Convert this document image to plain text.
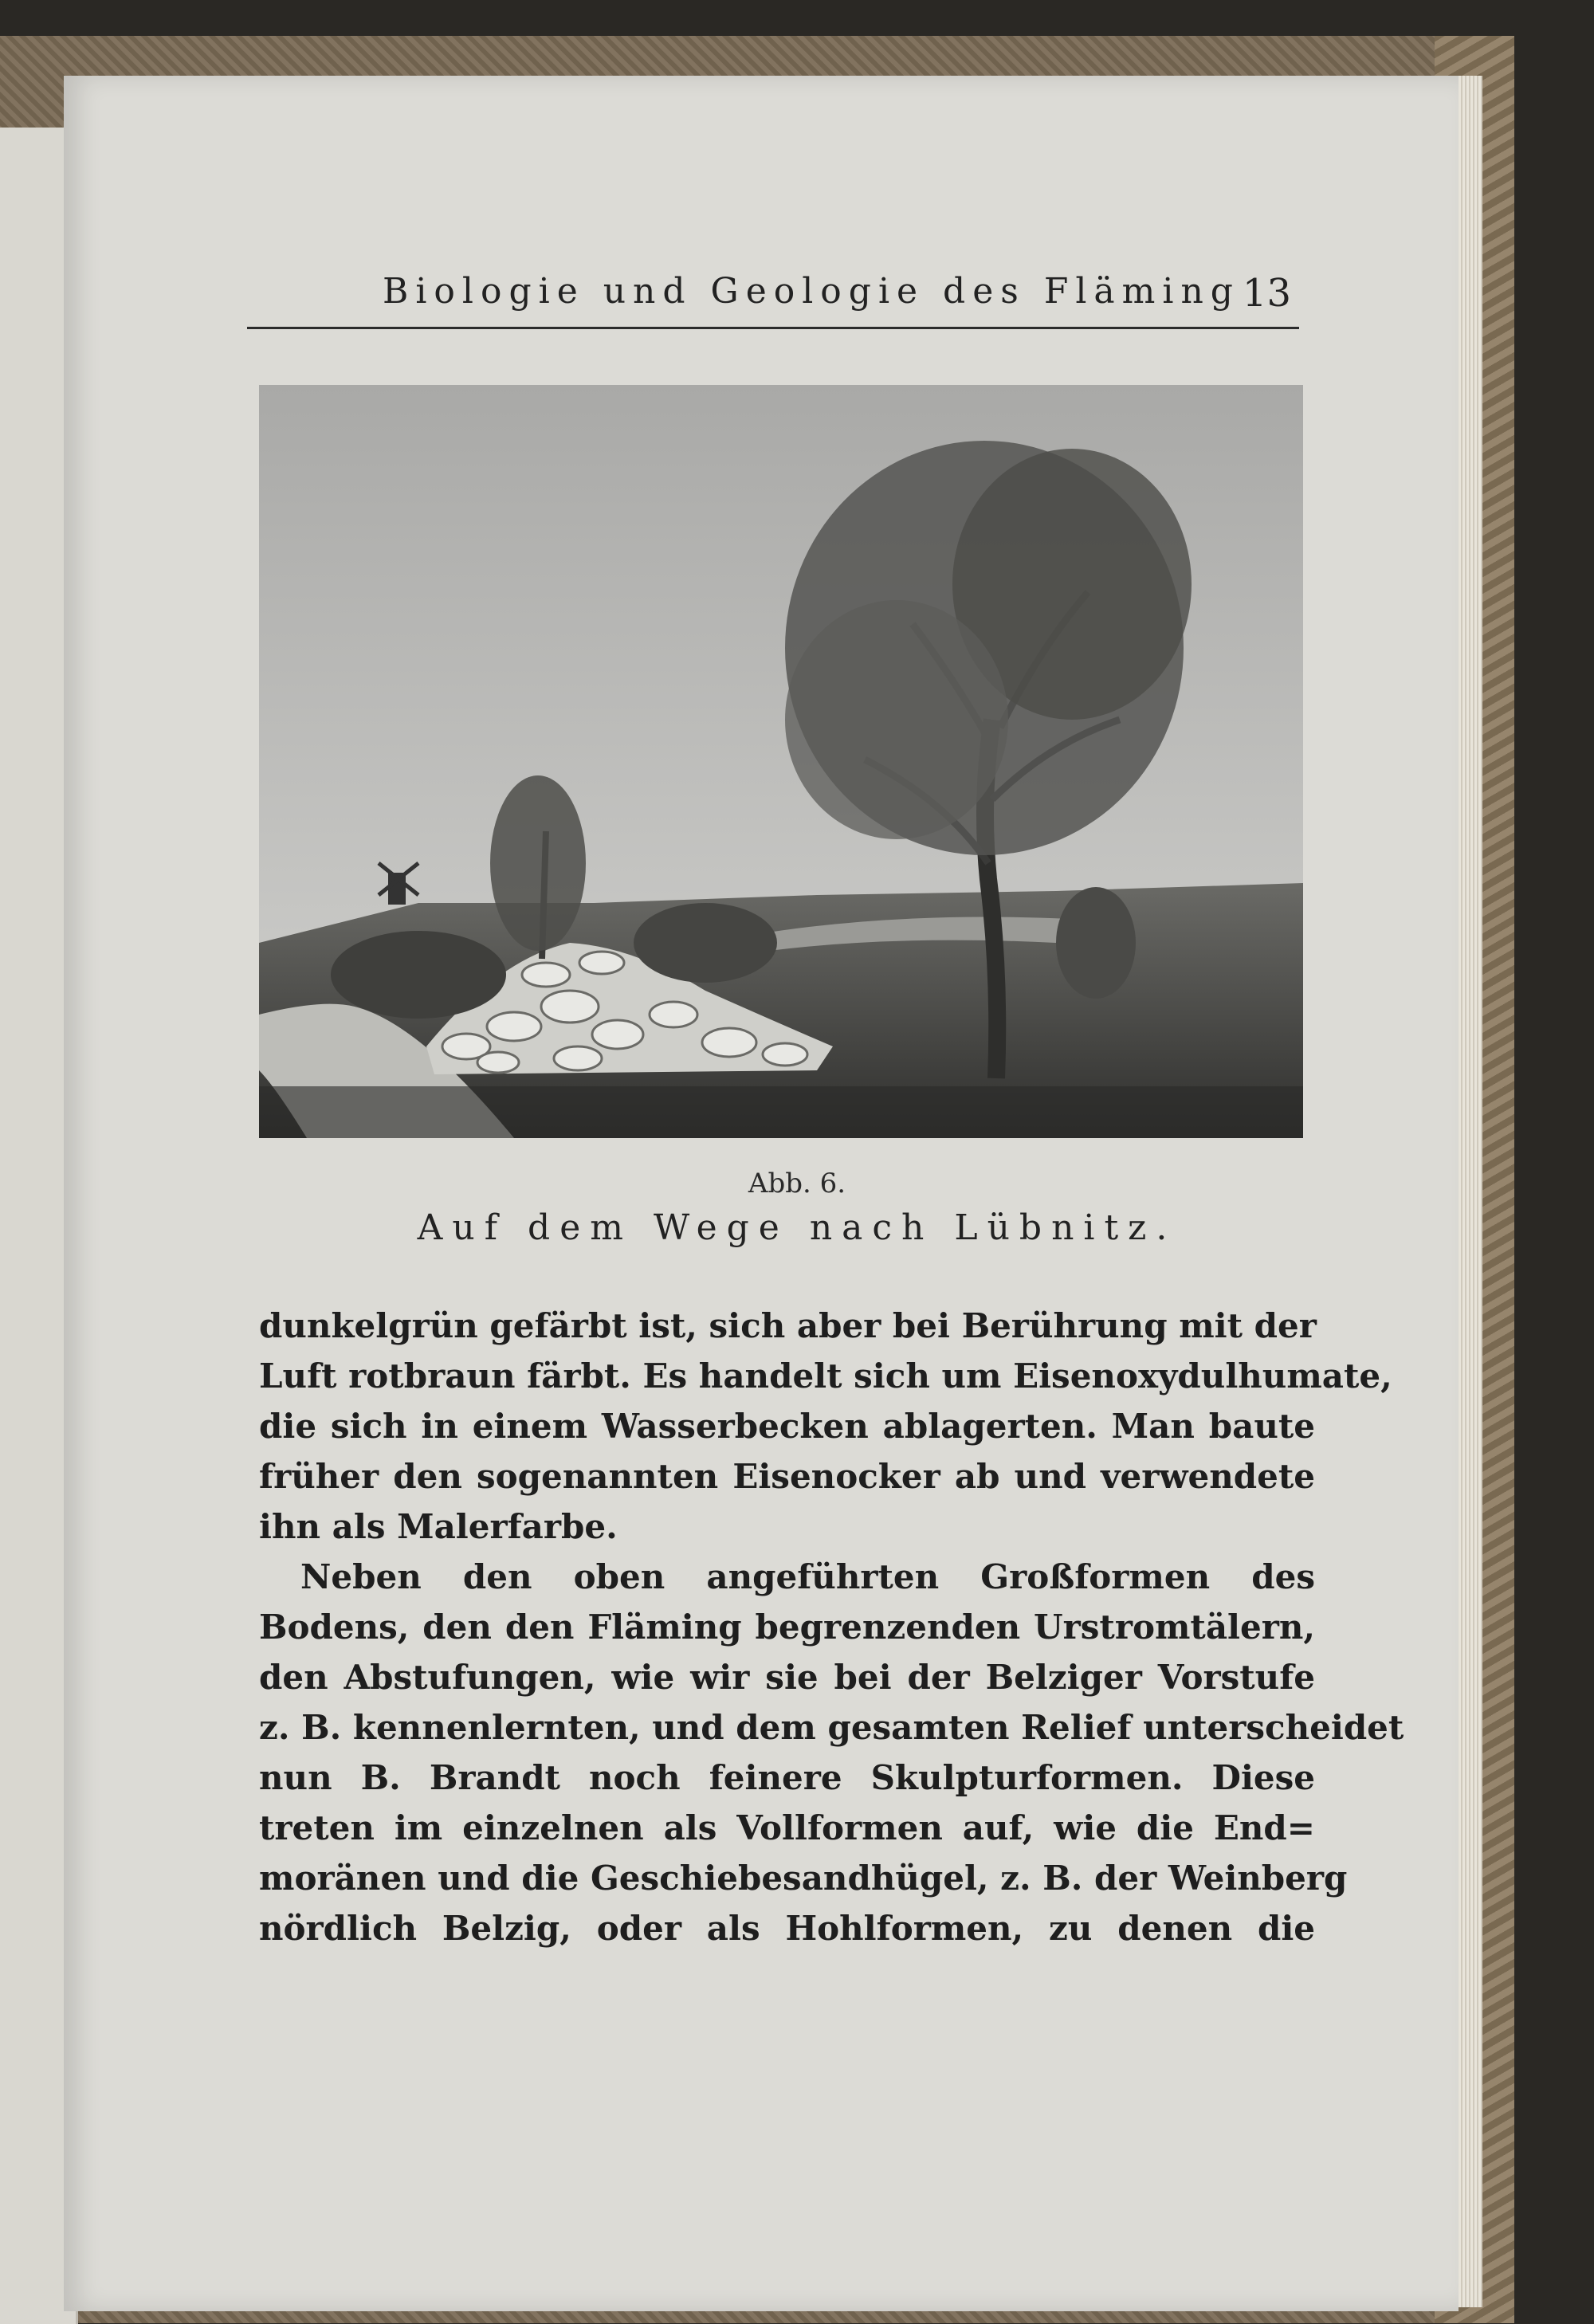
Biologie und Geologie des Fläming 13
Abb. 6.
Auf dem Wege nach Lübnitz.
dunkelgrün gefärbt ist, sich aber bei Berührung mit der
Luft rotbraun färbt. Es handelt sich um Eisenoxydulhumate,
die sich in einem Wasserbecken ablagerten. Man baute
früher den sogenannten Eisenocker ab und verwendete
ihn als Malerfarbe.
Neben den oben angeführten Großformen des
Bodens, den den Fläming begrenzenden Urstromtälern,
den Abstufungen, wie wir sie bei der Belziger Vorstufe
z. B. kennenlernten, und dem gesamten Relief unterscheidet
nun B. Brandt noch feinere Skulpturformen. Diese
treten im einzelnen als Vollformen auf, wie die End=
moränen und die Geschiebesandhügel, z. B. der Weinberg
nördlich Belzig, oder als Hohlformen, zu denen die
